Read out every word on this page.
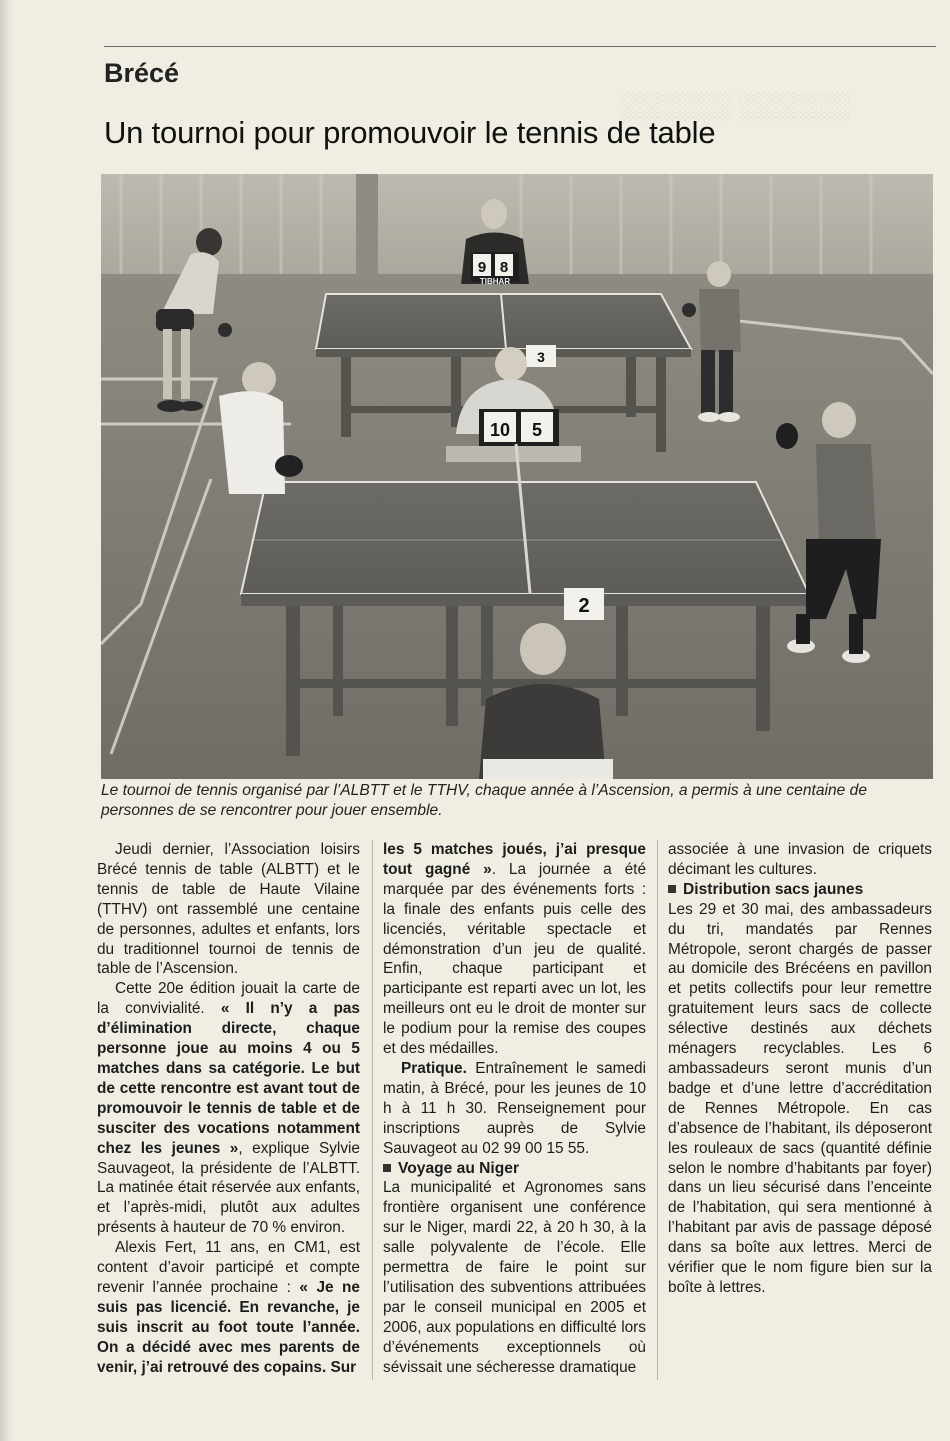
░░░░░░ ░░░░░░
Brécé
Un tournoi pour promouvoir le tennis de table
3
9 8
TIBHAR
10 5
2
Le tournoi de tennis organisé par l’ALBTT et le TTHV, chaque année à l’Ascension, a permis à une centaine de personnes de se rencontrer pour jouer ensemble.

Jeudi dernier, l’Association loisirs Brécé tennis de table (ALBTT) et le tennis de table de Haute Vilaine (TTHV) ont rassemblé une centaine de personnes, adultes et enfants, lors du traditionnel tournoi de tennis de table de l’Ascension.

Cette 20e édition jouait la carte de la convivialité. « Il n’y a pas d’élimination directe, chaque personne joue au moins 4 ou 5 matches dans sa catégorie. Le but de cette rencontre est avant tout de promouvoir le tennis de table et de susciter des vocations notamment chez les jeunes », explique Sylvie Sauvageot, la présidente de l’ALBTT. La matinée était réservée aux enfants, et l’après-midi, plutôt aux adultes présents à hauteur de 70 % environ.

Alexis Fert, 11 ans, en CM1, est content d’avoir participé et compte revenir l’année prochaine : « Je ne suis pas licencié. En revanche, je suis inscrit au foot toute l’année. On a décidé avec mes parents de venir, j’ai retrouvé des copains. Sur

les 5 matches joués, j’ai presque tout gagné ». La journée a été marquée par des événements forts : la finale des enfants puis celle des licenciés, véritable spectacle et démonstration d’un jeu de qualité. Enfin, chaque participant et participante est reparti avec un lot, les meilleurs ont eu le droit de monter sur le podium pour la remise des coupes et des médailles.

Pratique. Entraînement le samedi matin, à Brécé, pour les jeunes de 10 h à 11 h 30. Renseignement pour inscriptions auprès de Sylvie Sauvageot au 02 99 00 15 55.

Voyage au Niger

La municipalité et Agronomes sans frontière organisent une conférence sur le Niger, mardi 22, à 20 h 30, à la salle polyvalente de l’école. Elle permettra de faire le point sur l’utilisation des subventions attribuées par le conseil municipal en 2005 et 2006, aux populations en difficulté lors d’événements exceptionnels où sévissait une sécheresse dramatique

associée à une invasion de criquets décimant les cultures.

Distribution sacs jaunes

Les 29 et 30 mai, des ambassadeurs du tri, mandatés par Rennes Métropole, seront chargés de passer au domicile des Brécéens en pavillon et petits collectifs pour leur remettre gratuitement leurs sacs de collecte sélective destinés aux déchets ménagers recyclables. Les 6 ambassadeurs seront munis d’un badge et d’une lettre d’accréditation de Rennes Métropole. En cas d’absence de l’habitant, ils déposeront les rouleaux de sacs (quantité définie selon le nombre d’habitants par foyer) dans un lieu sécurisé dans l’enceinte de l’habitation, qui sera mentionné à l’habitant par avis de passage déposé dans sa boîte aux lettres. Merci de vérifier que le nom figure bien sur la boîte à lettres.
